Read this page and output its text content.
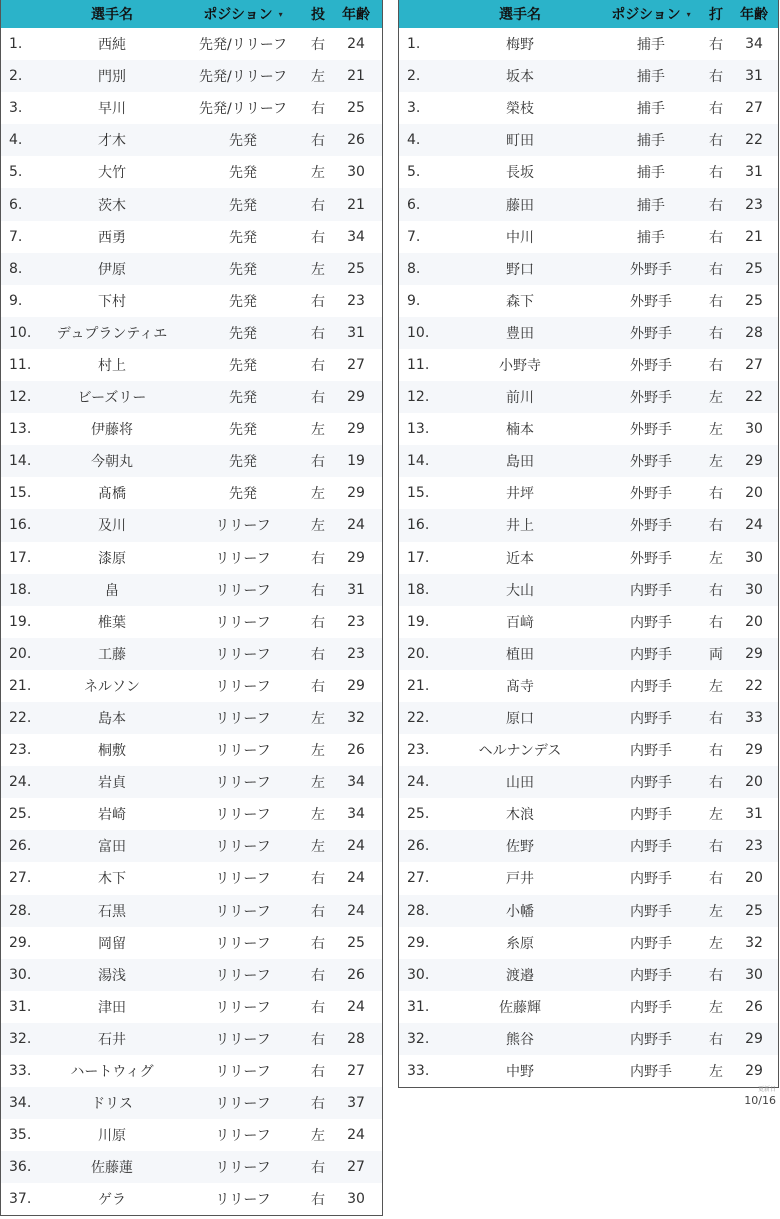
選手名	ポジション ▾	投	年齢
1.	西純	先発/リリーフ	右	24
2.	門別	先発/リリーフ	左	21
3.	早川	先発/リリーフ	右	25
4.	才木	先発	右	26
5.	大竹	先発	左	30
6.	茨木	先発	右	21
7.	西勇	先発	右	34
8.	伊原	先発	左	25
9.	下村	先発	右	23
10.	デュプランティエ	先発	右	31
11.	村上	先発	右	27
12.	ビーズリー	先発	右	29
13.	伊藤将	先発	左	29
14.	今朝丸	先発	右	19
15.	髙橋	先発	左	29
16.	及川	リリーフ	左	24
17.	漆原	リリーフ	右	29
18.	畠	リリーフ	右	31
19.	椎葉	リリーフ	右	23
20.	工藤	リリーフ	右	23
21.	ネルソン	リリーフ	右	29
22.	島本	リリーフ	左	32
23.	桐敷	リリーフ	左	26
24.	岩貞	リリーフ	左	34
25.	岩崎	リリーフ	左	34
26.	富田	リリーフ	左	24
27.	木下	リリーフ	右	24
28.	石黒	リリーフ	右	24
29.	岡留	リリーフ	右	25
30.	湯浅	リリーフ	右	26
31.	津田	リリーフ	右	24
32.	石井	リリーフ	右	28
33.	ハートウィグ	リリーフ	右	27
34.	ドリス	リリーフ	右	37
35.	川原	リリーフ	左	24
36.	佐藤蓮	リリーフ	右	27
37.	ゲラ	リリーフ	右	30
選手名	ポジション ▾	打	年齢
1.	梅野	捕手	右	34
2.	坂本	捕手	右	31
3.	榮枝	捕手	右	27
4.	町田	捕手	右	22
5.	長坂	捕手	右	31
6.	藤田	捕手	右	23
7.	中川	捕手	右	21
8.	野口	外野手	右	25
9.	森下	外野手	右	25
10.	豊田	外野手	右	28
11.	小野寺	外野手	右	27
12.	前川	外野手	左	22
13.	楠本	外野手	左	30
14.	島田	外野手	左	29
15.	井坪	外野手	右	20
16.	井上	外野手	右	24
17.	近本	外野手	左	30
18.	大山	内野手	右	30
19.	百﨑	内野手	右	20
20.	植田	内野手	両	29
21.	髙寺	内野手	左	22
22.	原口	内野手	右	33
23.	ヘルナンデス	内野手	右	29
24.	山田	内野手	右	20
25.	木浪	内野手	左	31
26.	佐野	内野手	右	23
27.	戸井	内野手	右	20
28.	小幡	内野手	左	25
29.	糸原	内野手	左	32
30.	渡邉	内野手	右	30
31.	佐藤輝	内野手	左	26
32.	熊谷	内野手	右	29
33.	中野	内野手	左	29
更新日
10/16
